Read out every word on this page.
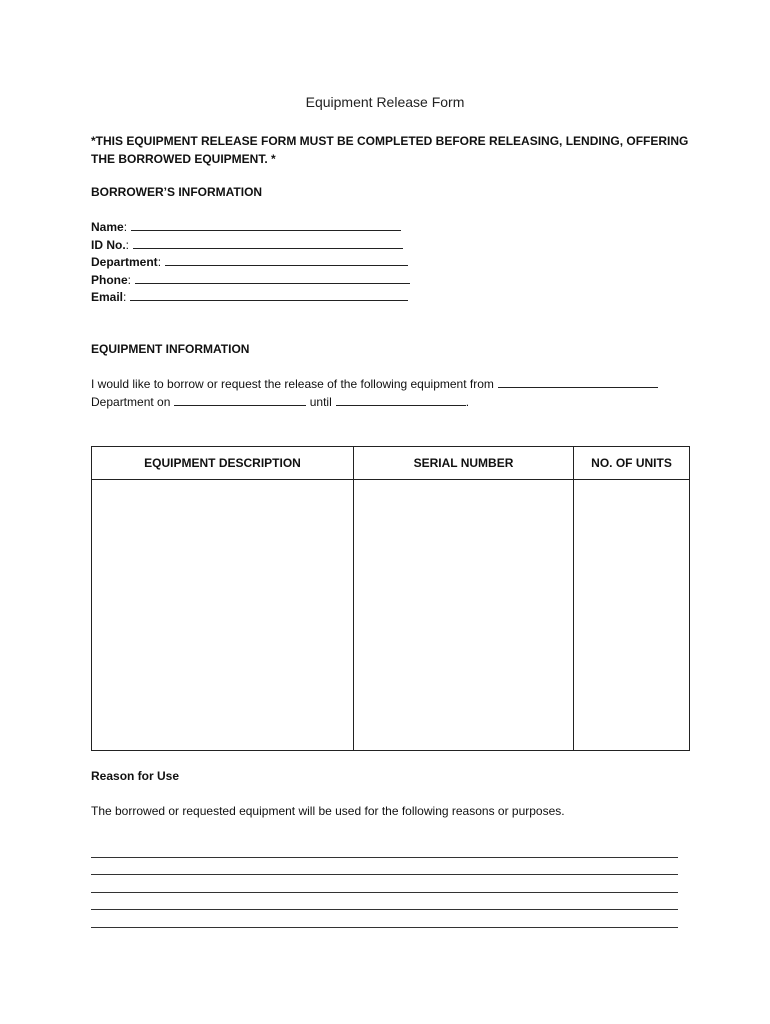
Equipment Release Form
*THIS EQUIPMENT RELEASE FORM MUST BE COMPLETED BEFORE RELEASING, LENDING, OFFERING THE BORROWED EQUIPMENT. *
BORROWER’S INFORMATION
Name:
ID No.:
Department:
Phone:
Email:
EQUIPMENT INFORMATION
I would like to borrow or request the release of the following equipment from
Department on	until	.
EQUIPMENT DESCRIPTION	SERIAL NUMBER	NO. OF UNITS

Reason for Use
The borrowed or requested equipment will be used for the following reasons or purposes.
